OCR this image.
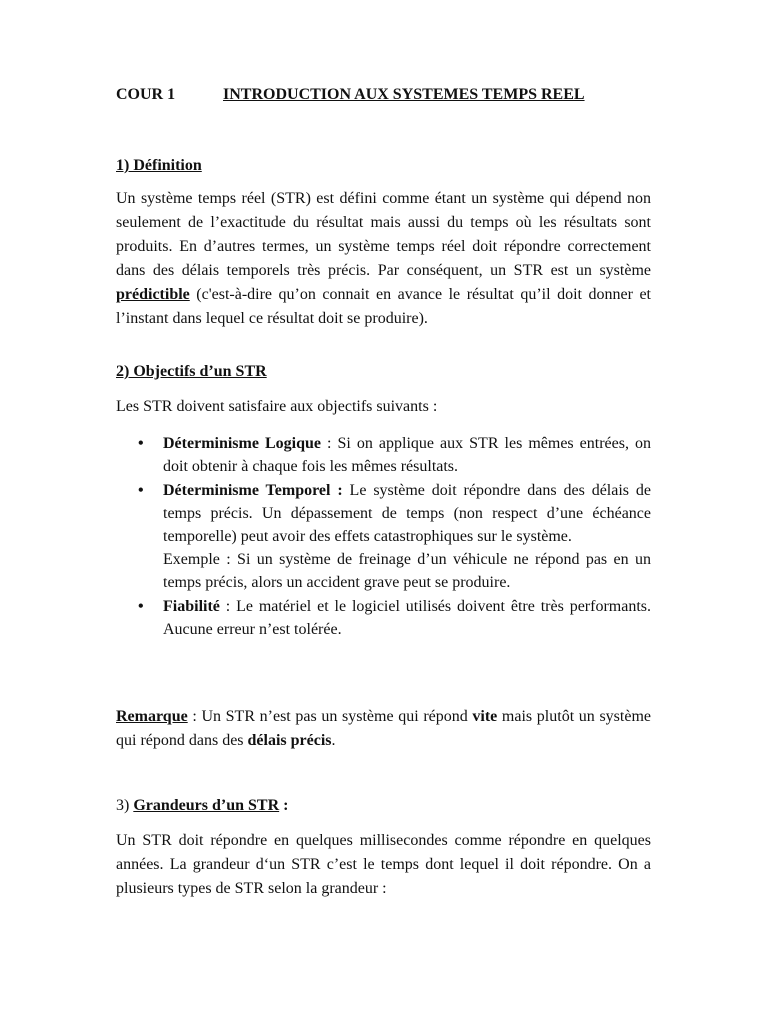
COUR 1	INTRODUCTION AUX SYSTEMES TEMPS REEL
1) Définition

Un système temps réel (STR) est défini comme étant un système qui dépend non seulement de l’exactitude du résultat mais aussi du temps où les résultats sont produits. En d’autres termes, un système temps réel doit répondre correctement dans des délais temporels très précis. Par conséquent, un STR est un système prédictible (c'est-à-dire qu’on connait en avance le résultat qu’il doit donner et l’instant dans lequel ce résultat doit se produire).

2) Objectifs d’un STR
Les STR doivent satisfaire aux objectifs suivants :
• Déterminisme Logique : Si on applique aux STR les mêmes entrées, on doit obtenir à chaque fois les mêmes résultats.
• Déterminisme Temporel : Le système doit répondre dans des délais de temps précis. Un dépassement de temps (non respect d’une échéance temporelle) peut avoir des effets catastrophiques sur le système.
Exemple : Si un système de freinage d’un véhicule ne répond pas en un temps précis, alors un accident grave peut se produire.
• Fiabilité : Le matériel et le logiciel utilisés doivent être très performants. Aucune erreur n’est tolérée.

Remarque : Un STR n’est pas un système qui répond vite mais plutôt un système qui répond dans des délais précis.

3) Grandeurs d’un STR :

Un STR doit répondre en quelques millisecondes comme répondre en quelques années. La grandeur d‘un STR c’est le temps dont lequel il doit répondre. On a plusieurs types de STR selon la grandeur :
